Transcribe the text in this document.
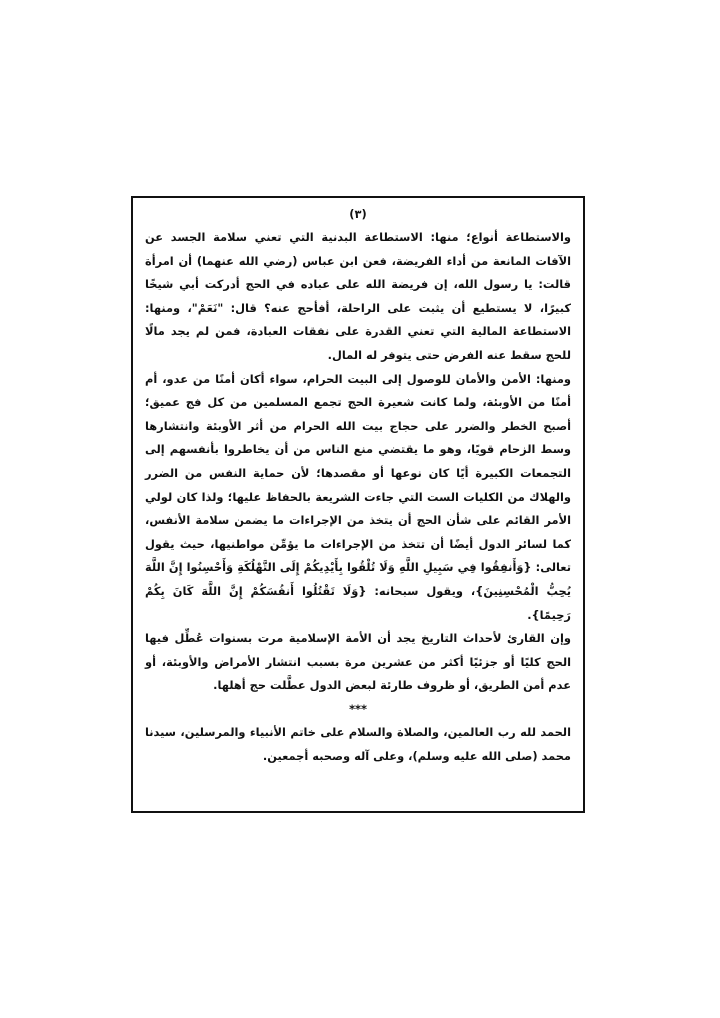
(٣)

والاستطاعة أنواع؛ منها: الاستطاعة البدنية التي تعني سلامة الجسد عن الآفات المانعة من أداء الفريضة، فعن ابن عباس (رضي الله عنهما) أن امرأة قالت: يا رسول الله، إن فريضة الله على عباده في الحج أدركت أبي شيخًا كبيرًا، لا يستطيع أن يثبت على الراحلة، أفأحج عنه؟ قال: "نَعَمْ"، ومنها: الاستطاعة المالية التي تعني القدرة على نفقات العبادة، فمن لم يجد مالًا للحج سقط عنه الفرض حتى يتوفر له المال.

ومنها: الأمن والأمان للوصول إلى البيت الحرام، سواء أكان أمنًا من عدو، أم أمنًا من الأوبئة، ولما كانت شعيرة الحج تجمع المسلمين من كل فج عميق؛ أصبح الخطر والضرر على حجاج بيت الله الحرام من أثر الأوبئة وانتشارها وسط الزحام قويًا، وهو ما يقتضي منع الناس من أن يخاطروا بأنفسهم إلى التجمعات الكبيرة أيًا كان نوعها أو مقصدها؛ لأن حماية النفس من الضرر والهلاك من الكليات الست التي جاءت الشريعة بالحفاظ عليها؛ ولذا كان لولي الأمر القائم على شأن الحج أن يتخذ من الإجراءات ما يضمن سلامة الأنفس، كما لسائر الدول أيضًا أن تتخذ من الإجراءات ما يؤمِّن مواطنيها، حيث يقول تعالى: {وَأَنفِقُوا فِي سَبِيلِ اللَّهِ وَلَا تُلْقُوا بِأَيْدِيكُمْ إِلَى التَّهْلُكَةِ وَأَحْسِنُوا إِنَّ اللَّهَ يُحِبُّ الْمُحْسِنِينَ}، ويقول سبحانه: {وَلَا تَقْتُلُوا أَنفُسَكُمْ إِنَّ اللَّهَ كَانَ بِكُمْ رَحِيمًا}.

وإن القارئ لأحداث التاريخ يجد أن الأمة الإسلامية مرت بسنوات عُطِّل فيها الحج كليًا أو جزئيًا أكثر من عشرين مرة بسبب انتشار الأمراض والأوبئة، أو عدم أمن الطريق، أو ظروف طارئة لبعض الدول عطَّلت حج أهلها.

***

الحمد لله رب العالمين، والصلاة والسلام على خاتم الأنبياء والمرسلين، سيدنا محمد (صلى الله عليه وسلم)، وعلى آله وصحبه أجمعين.
